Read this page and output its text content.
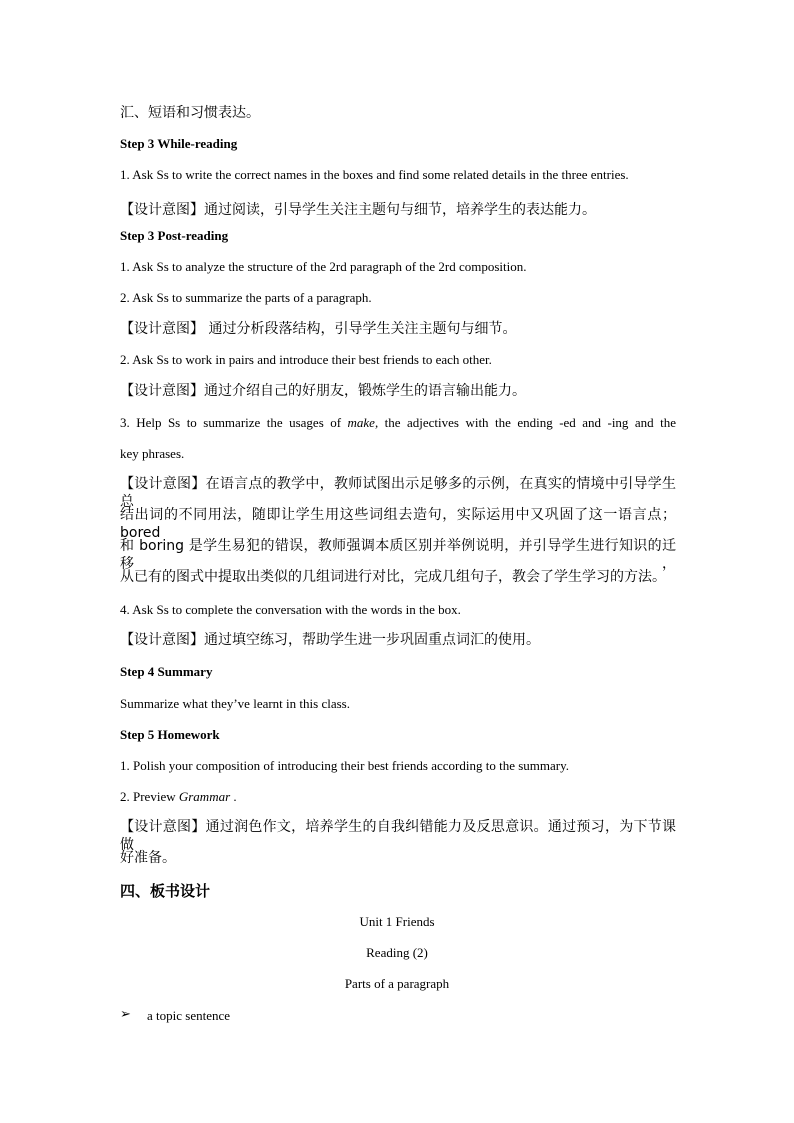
汇、短语和习惯表达。
Step 3 While-reading
1. Ask Ss to write the correct names in the boxes and find some related details in the three entries.
【设计意图】通过阅读，引导学生关注主题句与细节，培养学生的表达能力。
Step 3 Post-reading
1. Ask Ss to analyze the structure of the 2rd paragraph of the 2rd composition.
2. Ask Ss to summarize the parts of a paragraph.
【设计意图】 通过分析段落结构，引导学生关注主题句与细节。
2. Ask Ss to work in pairs and introduce their best friends to each other.
【设计意图】通过介绍自己的好朋友，锻炼学生的语言输出能力。
3. Help Ss to summarize the usages of make, the adjectives with the ending -ed and -ing and the
key phrases.
【设计意图】在语言点的教学中，教师试图出示足够多的示例，在真实的情境中引导学生总
结出词的不同用法，随即让学生用这些词组去造句，实际运用中又巩固了这一语言点；bored
和 boring 是学生易犯的错误，教师强调本质区别并举例说明，并引导学生进行知识的迁移，
从已有的图式中提取出类似的几组词进行对比，完成几组句子，教会了学生学习的方法。
4. Ask Ss to complete the conversation with the words in the box.
【设计意图】通过填空练习，帮助学生进一步巩固重点词汇的使用。
Step 4 Summary
Summarize what they’ve learnt in this class.
Step 5 Homework
1. Polish your composition of introducing their best friends according to the summary.
2. Preview Grammar .
【设计意图】通过润色作文，培养学生的自我纠错能力及反思意识。通过预习，为下节课做
好准备。
四、板书设计
Unit 1 Friends
Reading (2)
Parts of a paragraph
➢ a topic sentence
